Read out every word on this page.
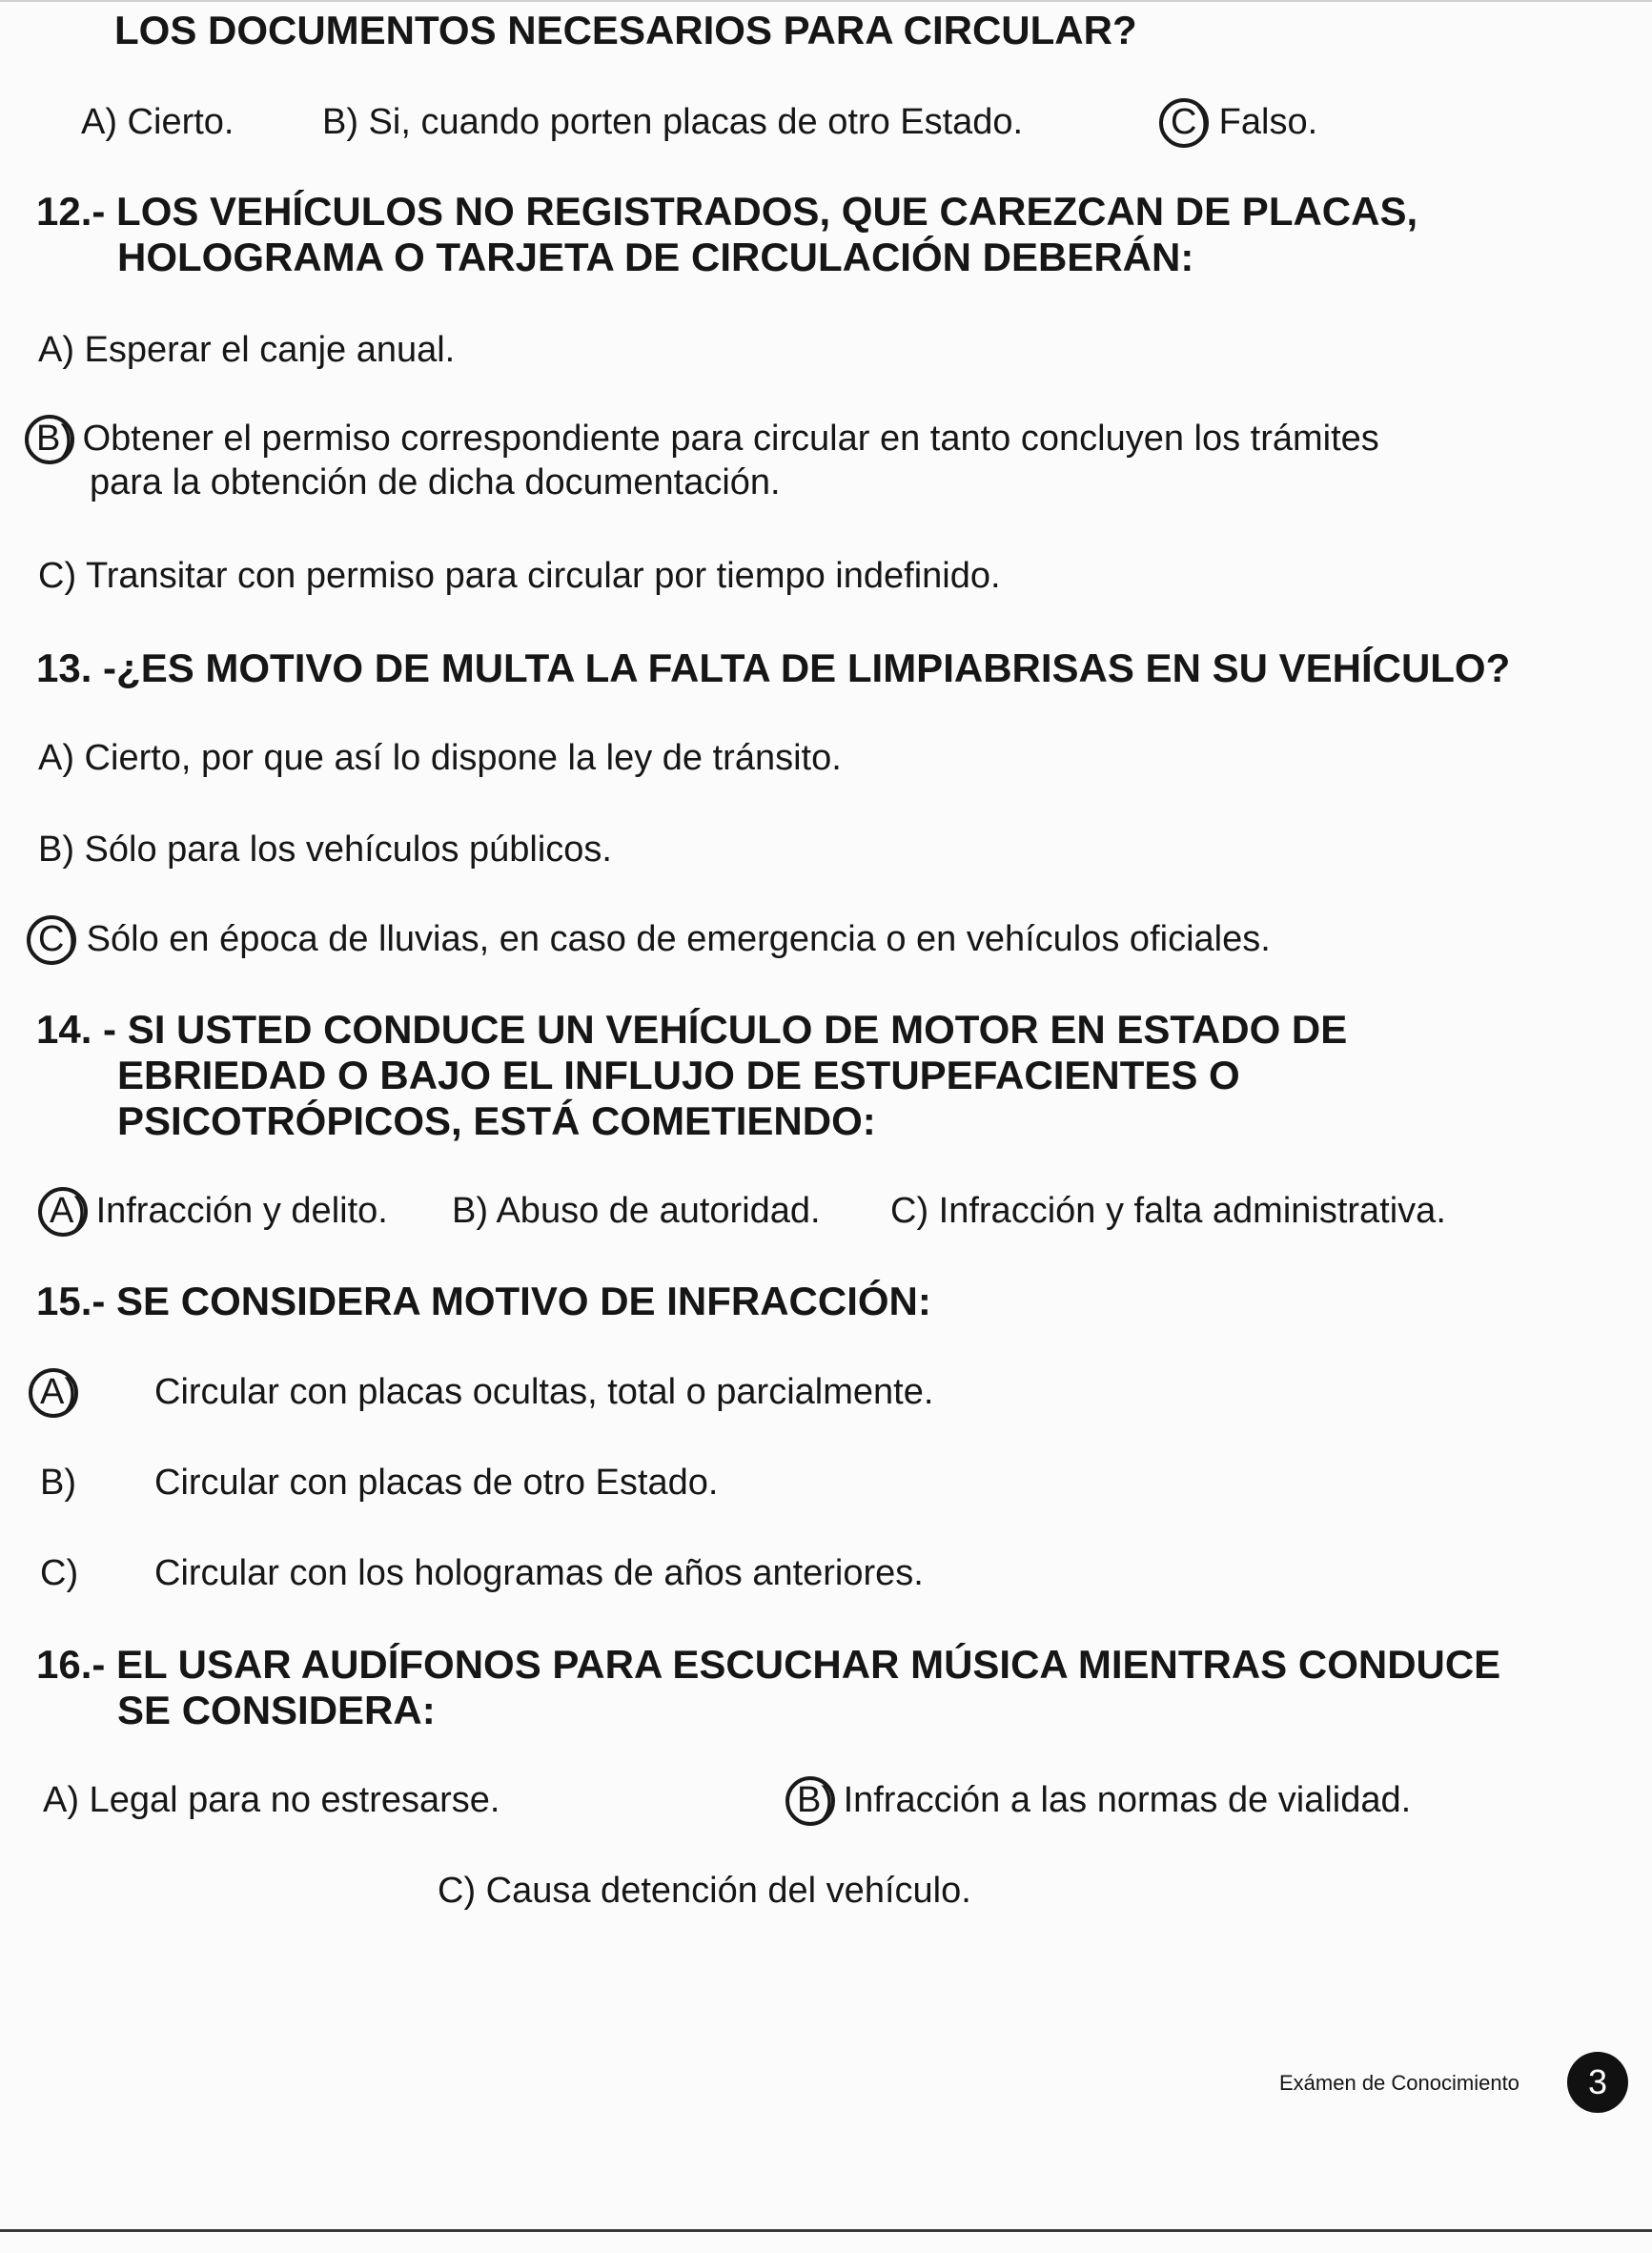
LOS DOCUMENTOS NECESARIOS PARA CIRCULAR?
A) Cierto. B) Si, cuando porten placas de otro Estado.	C) Falso.
12.- LOS VEHÍCULOS NO REGISTRADOS, QUE CAREZCAN DE PLACAS,
HOLOGRAMA O TARJETA DE CIRCULACIÓN DEBERÁN:
A) Esperar el canje anual.
B) Obtener el permiso correspondiente para circular en tanto concluyen los trámites
para la obtención de dicha documentación.
C) Transitar con permiso para circular por tiempo indefinido.
13. -¿ES MOTIVO DE MULTA LA FALTA DE LIMPIABRISAS EN SU VEHÍCULO?
A) Cierto, por que así lo dispone la ley de tránsito.
B) Sólo para los vehículos públicos.
C) Sólo en época de lluvias, en caso de emergencia o en vehículos oficiales.
14. - SI USTED CONDUCE UN VEHÍCULO DE MOTOR EN ESTADO DE
EBRIEDAD O BAJO EL INFLUJO DE ESTUPEFACIENTES O
PSICOTRÓPICOS, ESTÁ COMETIENDO:
A) Infracción y delito. B) Abuso de autoridad. C) Infracción y falta administrativa.
15.- SE CONSIDERA MOTIVO DE INFRACCIÓN:
A)	Circular con placas ocultas, total o parcialmente.
B)	Circular con placas de otro Estado.
C)	Circular con los hologramas de años anteriores.
16.- EL USAR AUDÍFONOS PARA ESCUCHAR MÚSICA MIENTRAS CONDUCE
SE CONSIDERA:
A) Legal para no estresarse.	B) Infracción a las normas de vialidad.
C) Causa detención del vehículo.
Exámen de Conocimiento	3
